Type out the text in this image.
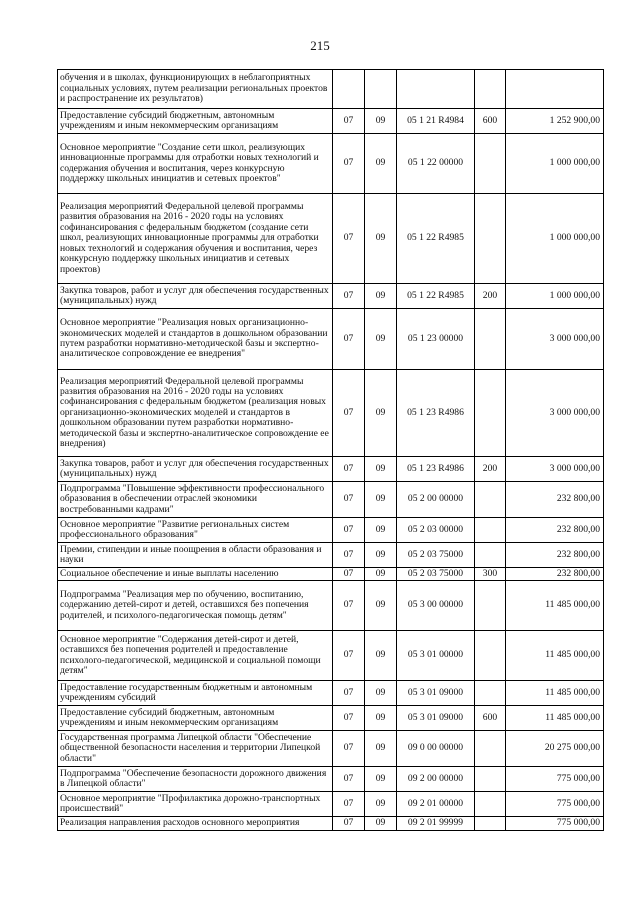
215
обучения и в школах, функционирующих в неблагоприятных социальных условиях, путем реализации региональных проектов и распространение их результатов)					
Предоставление субсидий бюджетным, автономным учреждениям и иным некоммерческим организациям	07	09	05 1 21 R4984	600	1 252 900,00
Основное мероприятие "Создание сети школ, реализующих инновационные программы для отработки новых технологий и содержания обучения и воспитания, через конкурсную поддержку школьных инициатив и сетевых проектов"	07	09	05 1 22 00000		1 000 000,00
Реализация мероприятий Федеральной целевой программы развития образования на 2016 - 2020 годы на условиях софинансирования с федеральным бюджетом (создание сети школ, реализующих инновационные программы для отработки новых технологий и содержания обучения и воспитания, через конкурсную поддержку школьных инициатив и сетевых проектов)	07	09	05 1 22 R4985		1 000 000,00
Закупка товаров, работ и услуг для обеспечения государственных (муниципальных) нужд	07	09	05 1 22 R4985	200	1 000 000,00
Основное мероприятие "Реализация новых организационно-экономических моделей и стандартов в дошкольном образовании путем разработки нормативно-методической базы и экспертно-аналитическое сопровождение ее внедрения"	07	09	05 1 23 00000		3 000 000,00
Реализация мероприятий Федеральной целевой программы развития образования на 2016 - 2020 годы на условиях софинансирования с федеральным бюджетом (реализация новых организационно-экономических моделей и стандартов в дошкольном образовании путем разработки нормативно-методической базы и экспертно-аналитическое сопровождение ее внедрения)	07	09	05 1 23 R4986		3 000 000,00
Закупка товаров, работ и услуг для обеспечения государственных (муниципальных) нужд	07	09	05 1 23 R4986	200	3 000 000,00
Подпрограмма "Повышение эффективности профессионального образования в обеспечении отраслей экономики востребованными кадрами"	07	09	05 2 00 00000		232 800,00
Основное мероприятие "Развитие региональных систем профессионального образования"	07	09	05 2 03 00000		232 800,00
Премии, стипендии и иные поощрения в области образования и науки	07	09	05 2 03 75000		232 800,00
Социальное обеспечение и иные выплаты населению	07	09	05 2 03 75000	300	232 800,00
Подпрограмма "Реализация мер по обучению, воспитанию, содержанию детей-сирот и детей, оставшихся без попечения родителей, и психолого-педагогическая помощь детям"	07	09	05 3 00 00000		11 485 000,00
Основное мероприятие "Содержания детей-сирот и детей, оставшихся без попечения родителей и предоставление психолого-педагогической, медицинской и социальной помощи детям"	07	09	05 3 01 00000		11 485 000,00
Предоставление государственным бюджетным и автономным учреждениям субсидий	07	09	05 3 01 09000		11 485 000,00
Предоставление субсидий бюджетным, автономным учреждениям и иным некоммерческим организациям	07	09	05 3 01 09000	600	11 485 000,00
Государственная программа Липецкой области "Обеспечение общественной безопасности населения и территории Липецкой области"	07	09	09 0 00 00000		20 275 000,00
Подпрограмма "Обеспечение безопасности дорожного движения в Липецкой области"	07	09	09 2 00 00000		775 000,00
Основное мероприятие "Профилактика дорожно-транспортных происшествий"	07	09	09 2 01 00000		775 000,00
Реализация направления расходов основного мероприятия	07	09	09 2 01 99999		775 000,00
